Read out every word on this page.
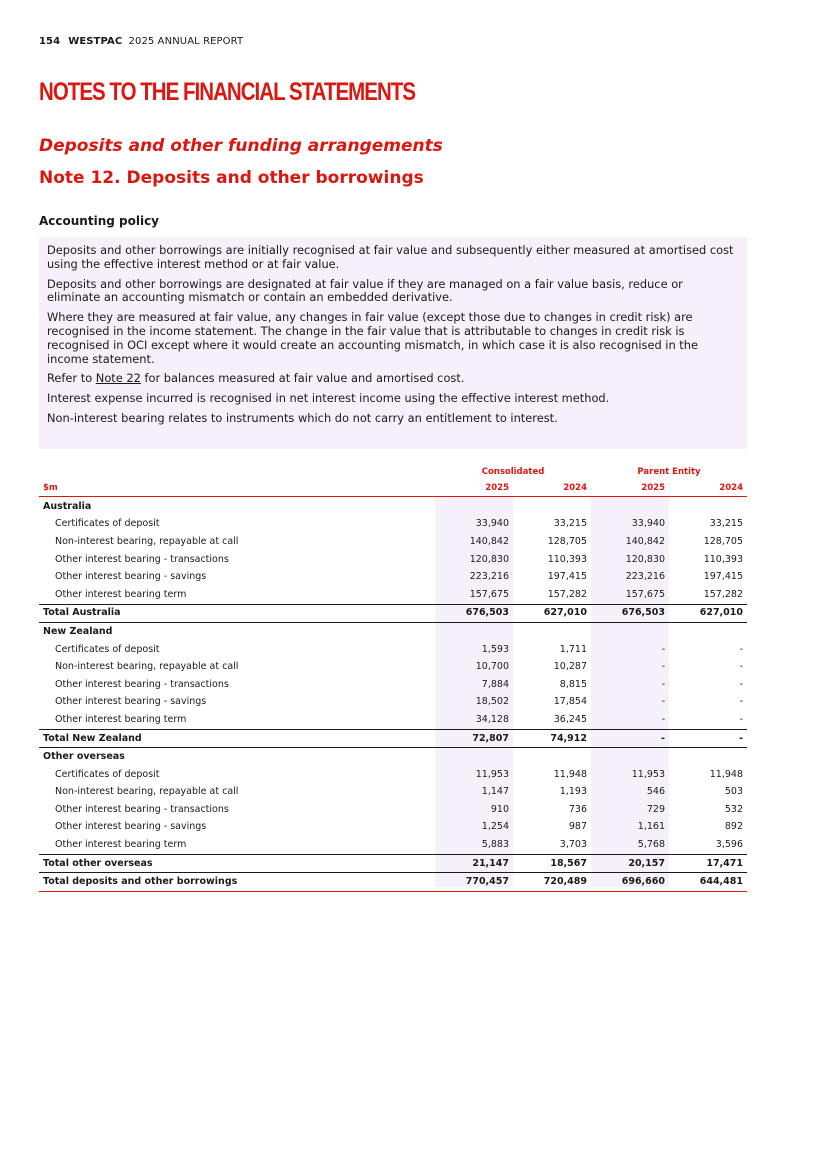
154 WESTPAC 2025 ANNUAL REPORT
NOTES TO THE FINANCIAL STATEMENTS
Deposits and other funding arrangements
Note 12. Deposits and other borrowings
Accounting policy

Deposits and other borrowings are initially recognised at fair value and subsequently either measured at amortised cost using the effective interest method or at fair value.

Deposits and other borrowings are designated at fair value if they are managed on a fair value basis, reduce or eliminate an accounting mismatch or contain an embedded derivative.

Where they are measured at fair value, any changes in fair value (except those due to changes in credit risk) are recognised in the income statement. The change in the fair value that is attributable to changes in credit risk is recognised in OCI except where it would create an accounting mismatch, in which case it is also recognised in the income statement.

Refer to Note 22 for balances measured at fair value and amortised cost.

Interest expense incurred is recognised in net interest income using the effective interest method.

Non-interest bearing relates to instruments which do not carry an entitlement to interest.

Consolidated	Parent Entity
$m	2025	2024	2025	2024
Australia				
Certificates of deposit	33,940	33,215	33,940	33,215
Non-interest bearing, repayable at call	140,842	128,705	140,842	128,705
Other interest bearing - transactions	120,830	110,393	120,830	110,393
Other interest bearing - savings	223,216	197,415	223,216	197,415
Other interest bearing term	157,675	157,282	157,675	157,282
Total Australia	676,503	627,010	676,503	627,010
New Zealand				
Certificates of deposit	1,593	1,711	-	-
Non-interest bearing, repayable at call	10,700	10,287	-	-
Other interest bearing - transactions	7,884	8,815	-	-
Other interest bearing - savings	18,502	17,854	-	-
Other interest bearing term	34,128	36,245	-	-
Total New Zealand	72,807	74,912	-	-
Other overseas				
Certificates of deposit	11,953	11,948	11,953	11,948
Non-interest bearing, repayable at call	1,147	1,193	546	503
Other interest bearing - transactions	910	736	729	532
Other interest bearing - savings	1,254	987	1,161	892
Other interest bearing term	5,883	3,703	5,768	3,596
Total other overseas	21,147	18,567	20,157	17,471
Total deposits and other borrowings	770,457	720,489	696,660	644,481
